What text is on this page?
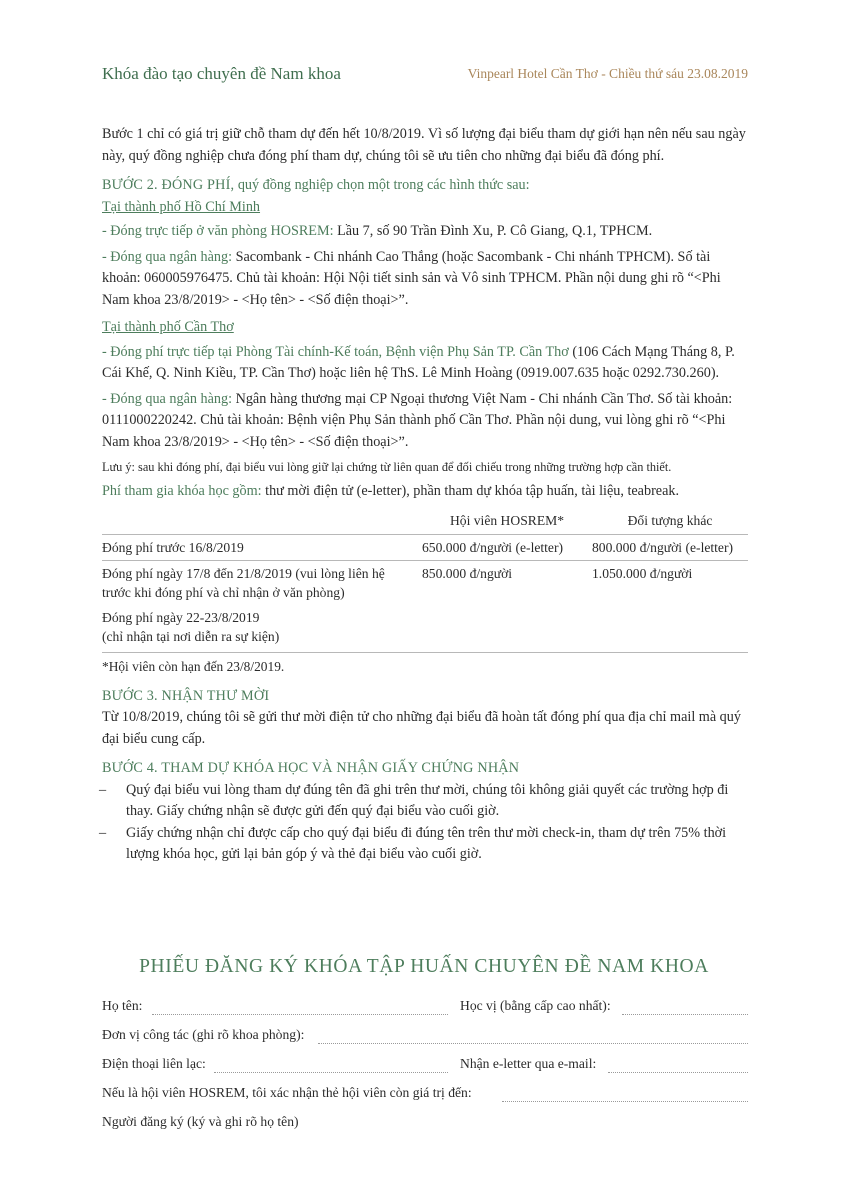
Khóa đào tạo chuyên đề Nam khoa	Vinpearl Hotel Cần Thơ - Chiều thứ sáu 23.08.2019

Bước 1 chỉ có giá trị giữ chỗ tham dự đến hết 10/8/2019. Vì số lượng đại biểu tham dự giới hạn nên nếu sau ngày này, quý đồng nghiệp chưa đóng phí tham dự, chúng tôi sẽ ưu tiên cho những đại biểu đã đóng phí.

BƯỚC 2. ĐÓNG PHÍ, quý đồng nghiệp chọn một trong các hình thức sau:

Tại thành phố Hồ Chí Minh

- Đóng trực tiếp ở văn phòng HOSREM: Lầu 7, số 90 Trần Đình Xu, P. Cô Giang, Q.1, TPHCM.

- Đóng qua ngân hàng: Sacombank - Chi nhánh Cao Thắng (hoặc Sacombank - Chi nhánh TPHCM). Số tài khoản: 060005976475. Chủ tài khoản: Hội Nội tiết sinh sản và Vô sinh TPHCM. Phần nội dung ghi rõ “<Phi Nam khoa 23/8/2019> - <Họ tên> - <Số điện thoại>”.

Tại thành phố Cần Thơ

- Đóng phí trực tiếp tại Phòng Tài chính-Kế toán, Bệnh viện Phụ Sản TP. Cần Thơ (106 Cách Mạng Tháng 8, P. Cái Khế, Q. Ninh Kiều, TP. Cần Thơ) hoặc liên hệ ThS. Lê Minh Hoàng (0919.007.635 hoặc 0292.730.260).

- Đóng qua ngân hàng: Ngân hàng thương mại CP Ngoại thương Việt Nam - Chi nhánh Cần Thơ. Số tài khoản: 0111000220242. Chủ tài khoản: Bệnh viện Phụ Sản thành phố Cần Thơ. Phần nội dung, vui lòng ghi rõ “<Phi Nam khoa 23/8/2019> - <Họ tên> - <Số điện thoại>”.

Lưu ý: sau khi đóng phí, đại biểu vui lòng giữ lại chứng từ liên quan để đối chiếu trong những trường hợp cần thiết.

Phí tham gia khóa học gồm: thư mời điện tử (e-letter), phần tham dự khóa tập huấn, tài liệu, teabreak.

	Hội viên HOSREM*	Đối tượng khác
Đóng phí trước 16/8/2019	650.000 đ/người (e-letter)	800.000 đ/người (e-letter)
Đóng phí ngày 17/8 đến 21/8/2019 (vui lòng liên hệ trước khi đóng phí và chỉ nhận ở văn phòng)	850.000 đ/người	1.050.000 đ/người

Đóng phí ngày 22-23/8/2019
(chỉ nhận tại nơi diễn ra sự kiện)		

*Hội viên còn hạn đến 23/8/2019.

BƯỚC 3. NHẬN THƯ MỜI

Từ 10/8/2019, chúng tôi sẽ gửi thư mời điện tử cho những đại biểu đã hoàn tất đóng phí qua địa chỉ mail mà quý đại biểu cung cấp.

BƯỚC 4. THAM DỰ KHÓA HỌC VÀ NHẬN GIẤY CHỨNG NHẬN

– Quý đại biểu vui lòng tham dự đúng tên đã ghi trên thư mời, chúng tôi không giải quyết các trường hợp đi thay. Giấy chứng nhận sẽ được gửi đến quý đại biểu vào cuối giờ.
– Giấy chứng nhận chỉ được cấp cho quý đại biểu đi đúng tên trên thư mời check-in, tham dự trên 75% thời lượng khóa học, gửi lại bản góp ý và thẻ đại biểu vào cuối giờ.
PHIẾU ĐĂNG KÝ KHÓA TẬP HUẤN CHUYÊN ĐỀ NAM KHOA
Họ tên:	Học vị (bằng cấp cao nhất):
Đơn vị công tác (ghi rõ khoa phòng):
Điện thoại liên lạc:	Nhận e-letter qua e-mail:
Nếu là hội viên HOSREM, tôi xác nhận thẻ hội viên còn giá trị đến:
Người đăng ký (ký và ghi rõ họ tên)
